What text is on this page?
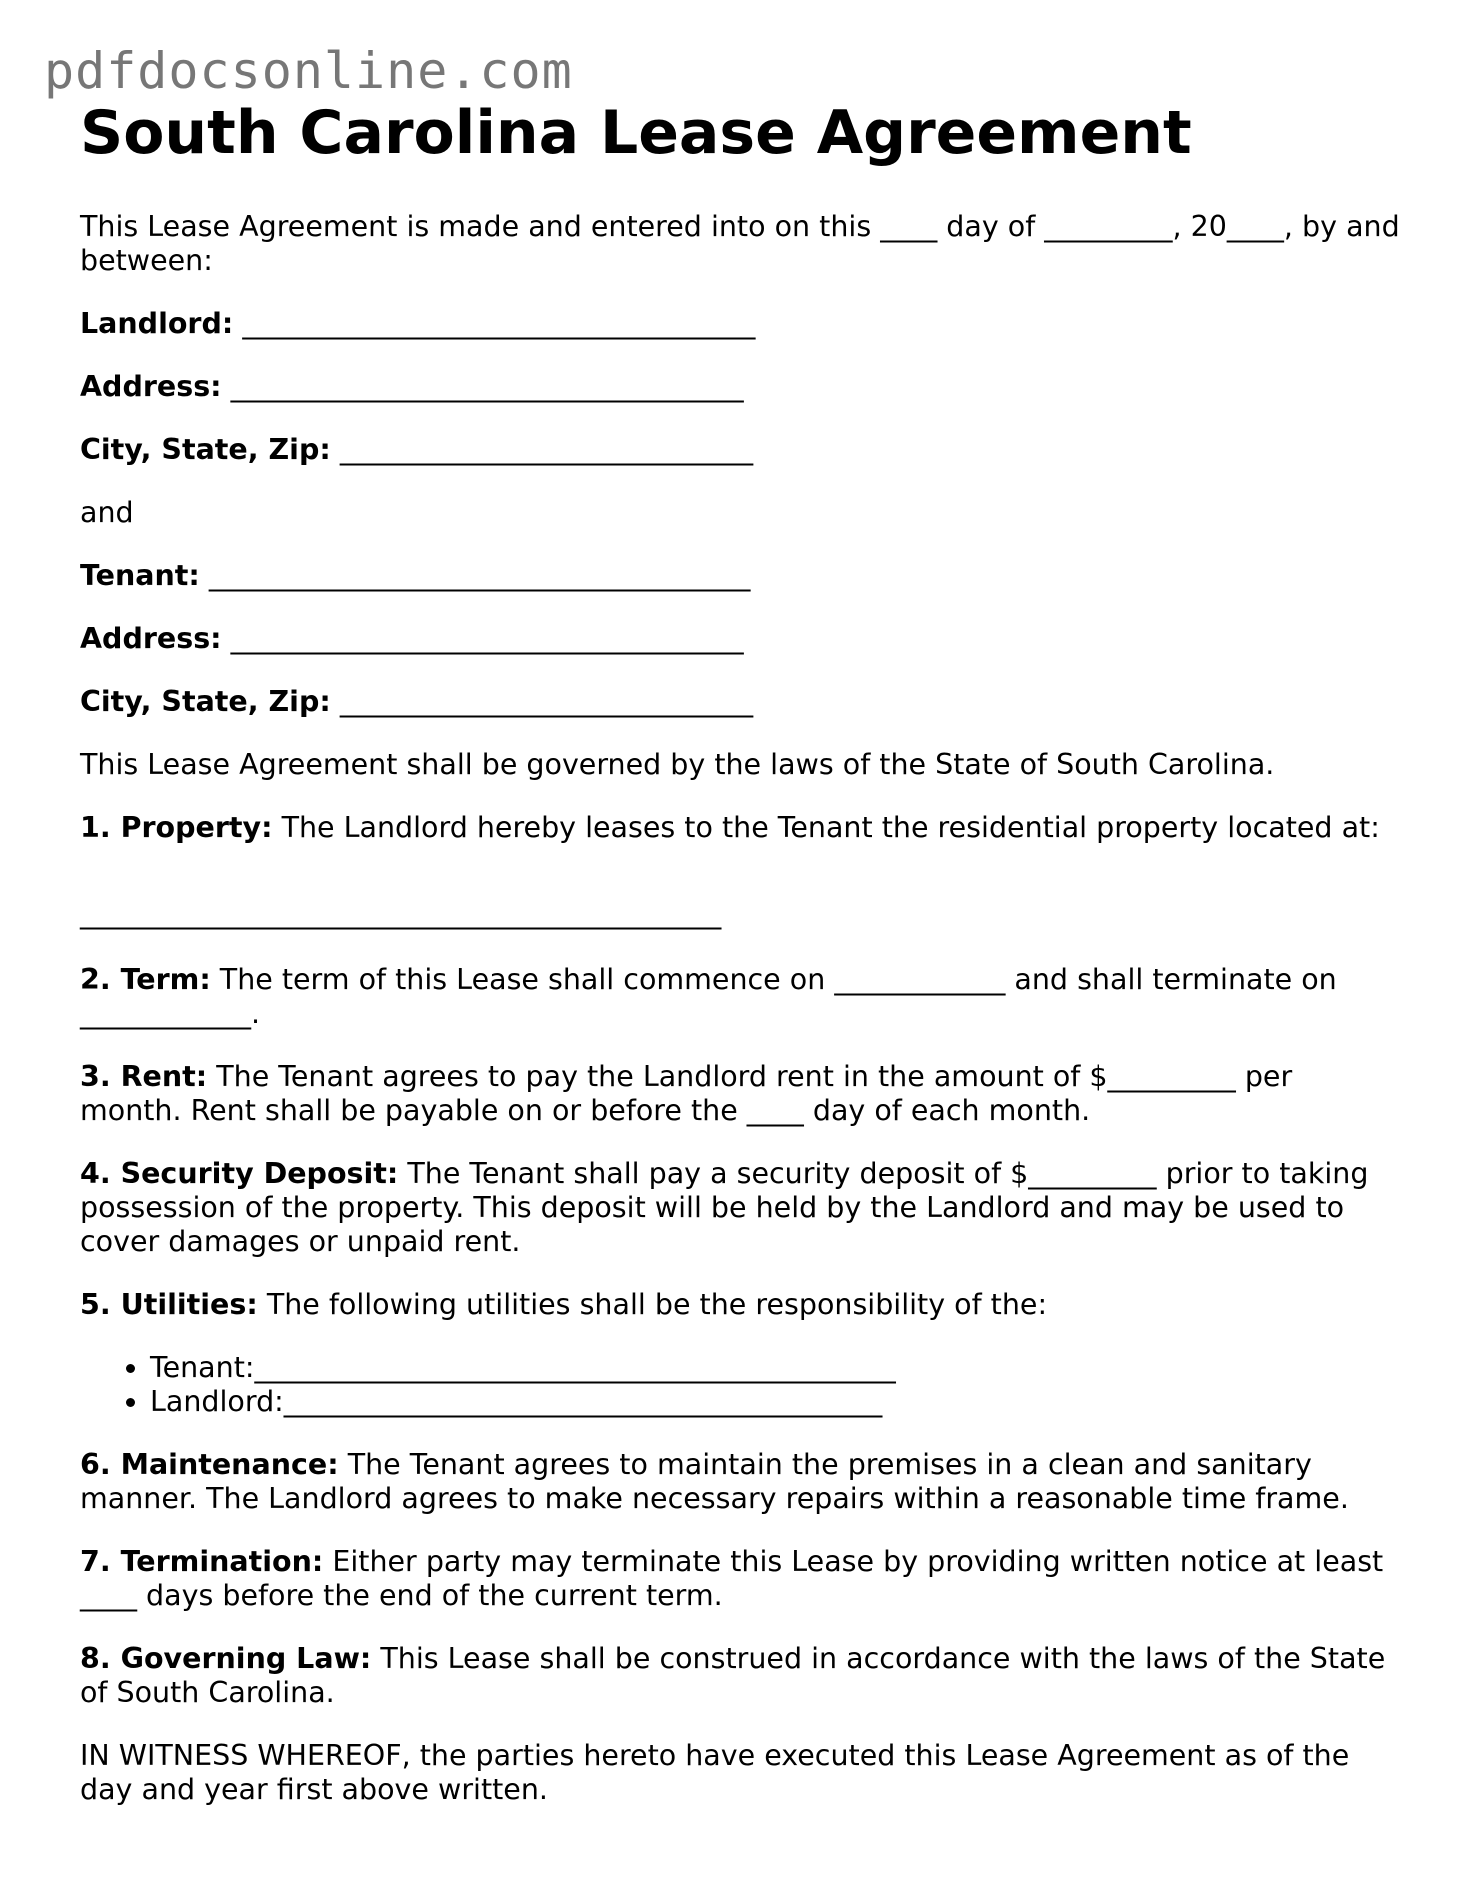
pdfdocsonline.com
South Carolina Lease Agreement

This Lease Agreement is made and entered into on this ____ day of _________, 20____, by and between:

Landlord: ____________________________________

Address: ____________________________________

City, State, Zip: _____________________________

and

Tenant: ______________________________________

Address: ____________________________________

City, State, Zip: _____________________________

This Lease Agreement shall be governed by the laws of the State of South Carolina.

1. Property: The Landlord hereby leases to the Tenant the residential property located at:

_____________________________________________

2. Term: The term of this Lease shall commence on ____________ and shall terminate on ____________.

3. Rent: The Tenant agrees to pay the Landlord rent in the amount of $_________ per month. Rent shall be payable on or before the ____ day of each month.

4. Security Deposit: The Tenant shall pay a security deposit of $_________ prior to taking possession of the property. This deposit will be held by the Landlord and may be used to cover damages or unpaid rent.

5. Utilities: The following utilities shall be the responsibility of the:

• Tenant:_____________________________________________
• Landlord:__________________________________________

6. Maintenance: The Tenant agrees to maintain the premises in a clean and sanitary manner. The Landlord agrees to make necessary repairs within a reasonable time frame.

7. Termination: Either party may terminate this Lease by providing written notice at least ____ days before the end of the current term.

8. Governing Law: This Lease shall be construed in accordance with the laws of the State of South Carolina.

IN WITNESS WHEREOF, the parties hereto have executed this Lease Agreement as of the day and year first above written.
